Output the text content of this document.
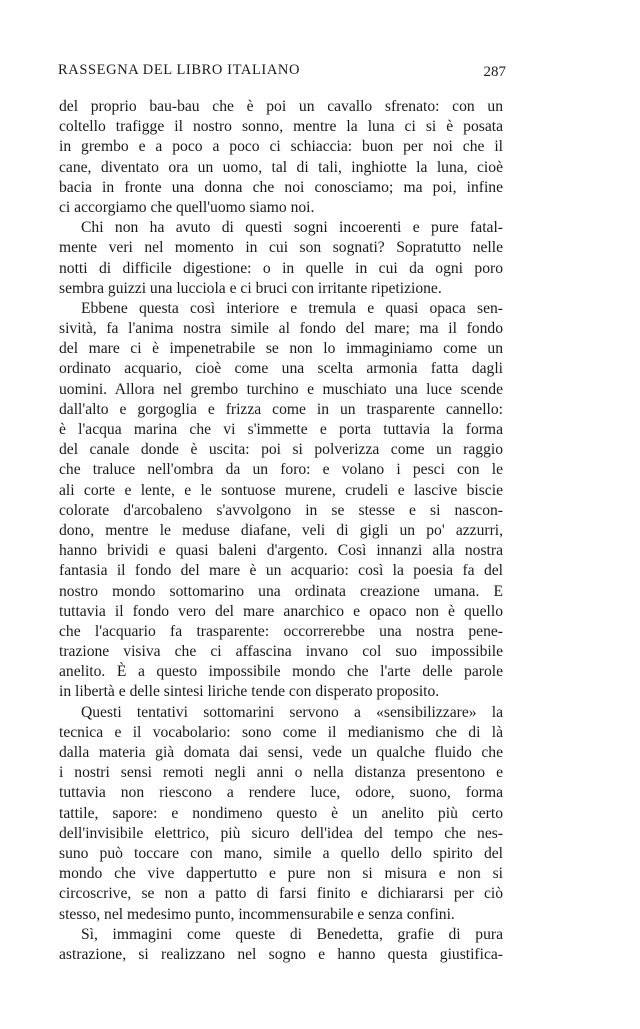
RASSEGNA DEL LIBRO ITALIANO	287
del proprio bau-bau che è poi un cavallo sfrenato: con un
coltello trafigge il nostro sonno, mentre la luna ci si è posata
in grembo e a poco a poco ci schiaccia: buon per noi che il
cane, diventato ora un uomo, tal di tali, inghiotte la luna, cioè
bacia in fronte una donna che noi conosciamo; ma poi, infine
ci accorgiamo che quell'uomo siamo noi.
Chi non ha avuto di questi sogni incoerenti e pure fatal-
mente veri nel momento in cui son sognati? Sopratutto nelle
notti di difficile digestione: o in quelle in cui da ogni poro
sembra guizzi una lucciola e ci bruci con irritante ripetizione.
Ebbene questa così interiore e tremula e quasi opaca sen-
sività, fa l'anima nostra simile al fondo del mare; ma il fondo
del mare ci è impenetrabile se non lo immaginiamo come un
ordinato acquario, cioè come una scelta armonia fatta dagli
uomini. Allora nel grembo turchino e muschiato una luce scende
dall'alto e gorgoglia e frizza come in un trasparente cannello:
è l'acqua marina che vi s'immette e porta tuttavia la forma
del canale donde è uscita: poi si polverizza come un raggio
che traluce nell'ombra da un foro: e volano i pesci con le
ali corte e lente, e le sontuose murene, crudeli e lascive biscie
colorate d'arcobaleno s'avvolgono in se stesse e si nascon-
dono, mentre le meduse diafane, veli di gigli un po' azzurri,
hanno brividi e quasi baleni d'argento. Così innanzi alla nostra
fantasia il fondo del mare è un acquario: così la poesia fa del
nostro mondo sottomarino una ordinata creazione umana. E
tuttavia il fondo vero del mare anarchico e opaco non è quello
che l'acquario fa trasparente: occorrerebbe una nostra pene-
trazione visiva che ci affascina invano col suo impossibile
anelito. È a questo impossibile mondo che l'arte delle parole
in libertà e delle sintesi liriche tende con disperato proposito.
Questi tentativi sottomarini servono a «sensibilizzare» la
tecnica e il vocabolario: sono come il medianismo che di là
dalla materia già domata dai sensi, vede un qualche fluido che
i nostri sensi remoti negli anni o nella distanza presentono e
tuttavia non riescono a rendere luce, odore, suono, forma
tattile, sapore: e nondimeno questo è un anelito più certo
dell'invisibile elettrico, più sicuro dell'idea del tempo che nes-
suno può toccare con mano, simile a quello dello spirito del
mondo che vive dappertutto e pure non si misura e non si
circoscrive, se non a patto di farsi finito e dichiararsi per ciò
stesso, nel medesimo punto, incommensurabile e senza confini.
Sì, immagini come queste di Benedetta, grafie di pura
astrazione, si realizzano nel sogno e hanno questa giustifica-
